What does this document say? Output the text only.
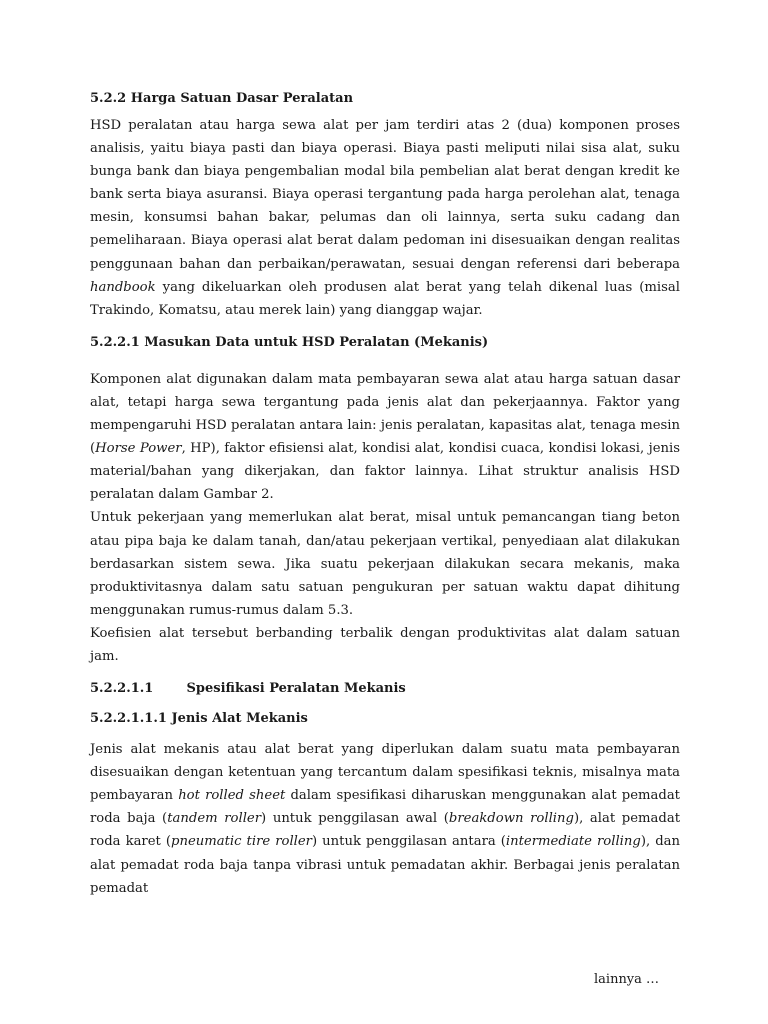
5.2.2 Harga Satuan Dasar Peralatan

HSD peralatan atau harga sewa alat per jam terdiri atas 2 (dua) komponen proses analisis, yaitu biaya pasti dan biaya operasi. Biaya pasti meliputi nilai sisa alat, suku bunga bank dan biaya pengembalian modal bila pembelian alat berat dengan kredit ke bank serta biaya asuransi. Biaya operasi tergantung pada harga perolehan alat, tenaga mesin, konsumsi bahan bakar, pelumas dan oli lainnya, serta suku cadang dan pemeliharaan. Biaya operasi alat berat dalam pedoman ini disesuaikan dengan realitas penggunaan bahan dan perbaikan/perawatan, sesuai dengan referensi dari beberapa handbook yang dikeluarkan oleh produsen alat berat yang telah dikenal luas (misal Trakindo, Komatsu, atau merek lain) yang dianggap wajar.

5.2.2.1 Masukan Data untuk HSD Peralatan (Mekanis)

Komponen alat digunakan dalam mata pembayaran sewa alat atau harga satuan dasar alat, tetapi harga sewa tergantung pada jenis alat dan pekerjaannya. Faktor yang mempengaruhi HSD peralatan antara lain: jenis peralatan, kapasitas alat, tenaga mesin (Horse Power, HP), faktor efisiensi alat, kondisi alat, kondisi cuaca, kondisi lokasi, jenis material/bahan yang dikerjakan, dan faktor lainnya. Lihat struktur analisis HSD peralatan dalam Gambar 2.

Untuk pekerjaan yang memerlukan alat berat, misal untuk pemancangan tiang beton atau pipa baja ke dalam tanah, dan/atau pekerjaan vertikal, penyediaan alat dilakukan berdasarkan sistem sewa. Jika suatu pekerjaan dilakukan secara mekanis, maka produktivitasnya dalam satu satuan pengukuran per satuan waktu dapat dihitung menggunakan rumus-rumus dalam 5.3.

Koefisien alat tersebut berbanding terbalik dengan produktivitas alat dalam satuan jam.

5.2.2.1.1	Spesifikasi Peralatan Mekanis
5.2.2.1.1.1 Jenis Alat Mekanis

Jenis alat mekanis atau alat berat yang diperlukan dalam suatu mata pembayaran disesuaikan dengan ketentuan yang tercantum dalam spesifikasi teknis, misalnya mata pembayaran hot rolled sheet dalam spesifikasi diharuskan menggunakan alat pemadat roda baja (tandem roller) untuk penggilasan awal (breakdown rolling), alat pemadat roda karet (pneumatic tire roller) untuk penggilasan antara (intermediate rolling), dan alat pemadat roda baja tanpa vibrasi untuk pemadatan akhir. Berbagai jenis peralatan pemadat

lainnya …
